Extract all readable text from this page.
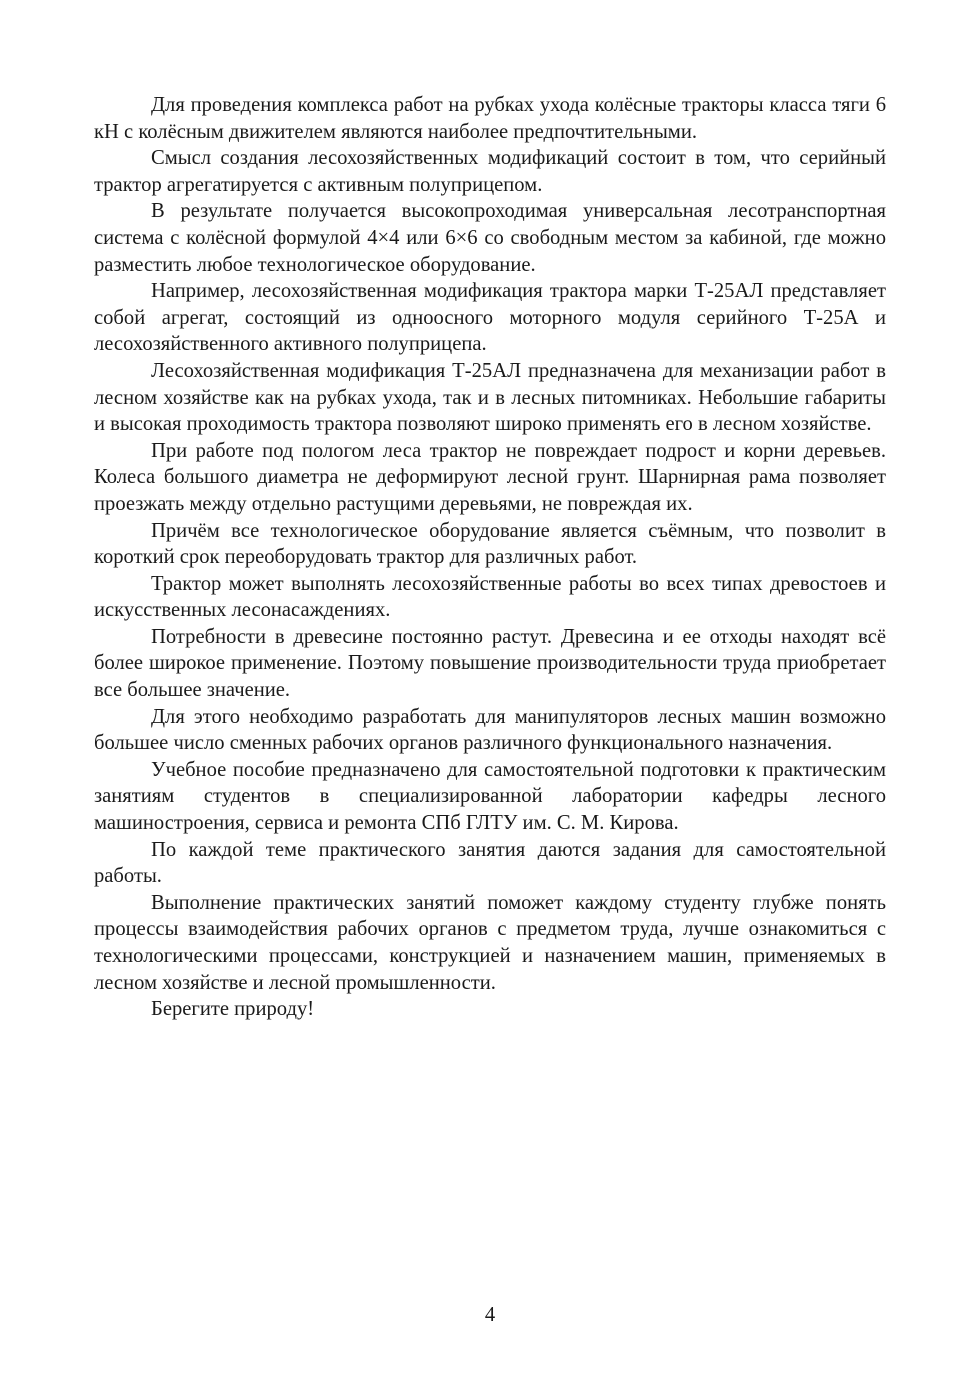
Для проведения комплекса работ на рубках ухода колёсные тракторы класса тяги 6 кН с колёсным движителем являются наиболее предпочтительными.

Смысл создания лесохозяйственных модификаций состоит в том, что серийный трактор агрегатируется с активным полуприцепом.

В результате получается высокопроходимая универсальная лесотранспортная система с колёсной формулой 4×4 или 6×6 со свободным местом за кабиной, где можно разместить любое технологическое оборудование.

Например, лесохозяйственная модификация трактора марки Т-25АЛ представляет собой агрегат, состоящий из одноосного моторного модуля серийного Т-25А и лесохозяйственного активного полуприцепа.

Лесохозяйственная модификация Т-25АЛ предназначена для механизации работ в лесном хозяйстве как на рубках ухода, так и в лесных питомниках. Небольшие габариты и высокая проходимость трактора позволяют широко применять его в лесном хозяйстве.

При работе под пологом леса трактор не повреждает подрост и корни деревьев. Колеса большого диаметра не деформируют лесной грунт. Шарнирная рама позволяет проезжать между отдельно растущими деревьями, не повреждая их.

Причём все технологическое оборудование является съёмным, что позволит в короткий срок переоборудовать трактор для различных работ.

Трактор может выполнять лесохозяйственные работы во всех типах древостоев и искусственных лесонасаждениях.

Потребности в древесине постоянно растут. Древесина и ее отходы находят всё более широкое применение. Поэтому повышение производительности труда приобретает все большее значение.

Для этого необходимо разработать для манипуляторов лесных машин возможно большее число сменных рабочих органов различного функционального назначения.

Учебное пособие предназначено для самостоятельной подготовки к практическим занятиям студентов в специализированной лаборатории кафедры лесного машиностроения, сервиса и ремонта СПб ГЛТУ им. С. М. Кирова.

По каждой теме практического занятия даются задания для самостоятельной работы.

Выполнение практических занятий поможет каждому студенту глубже понять процессы взаимодействия рабочих органов с предметом труда, лучше ознакомиться с технологическими процессами, конструкцией и назначением машин, применяемых в лесном хозяйстве и лесной промышленности.

Берегите природу!

4
